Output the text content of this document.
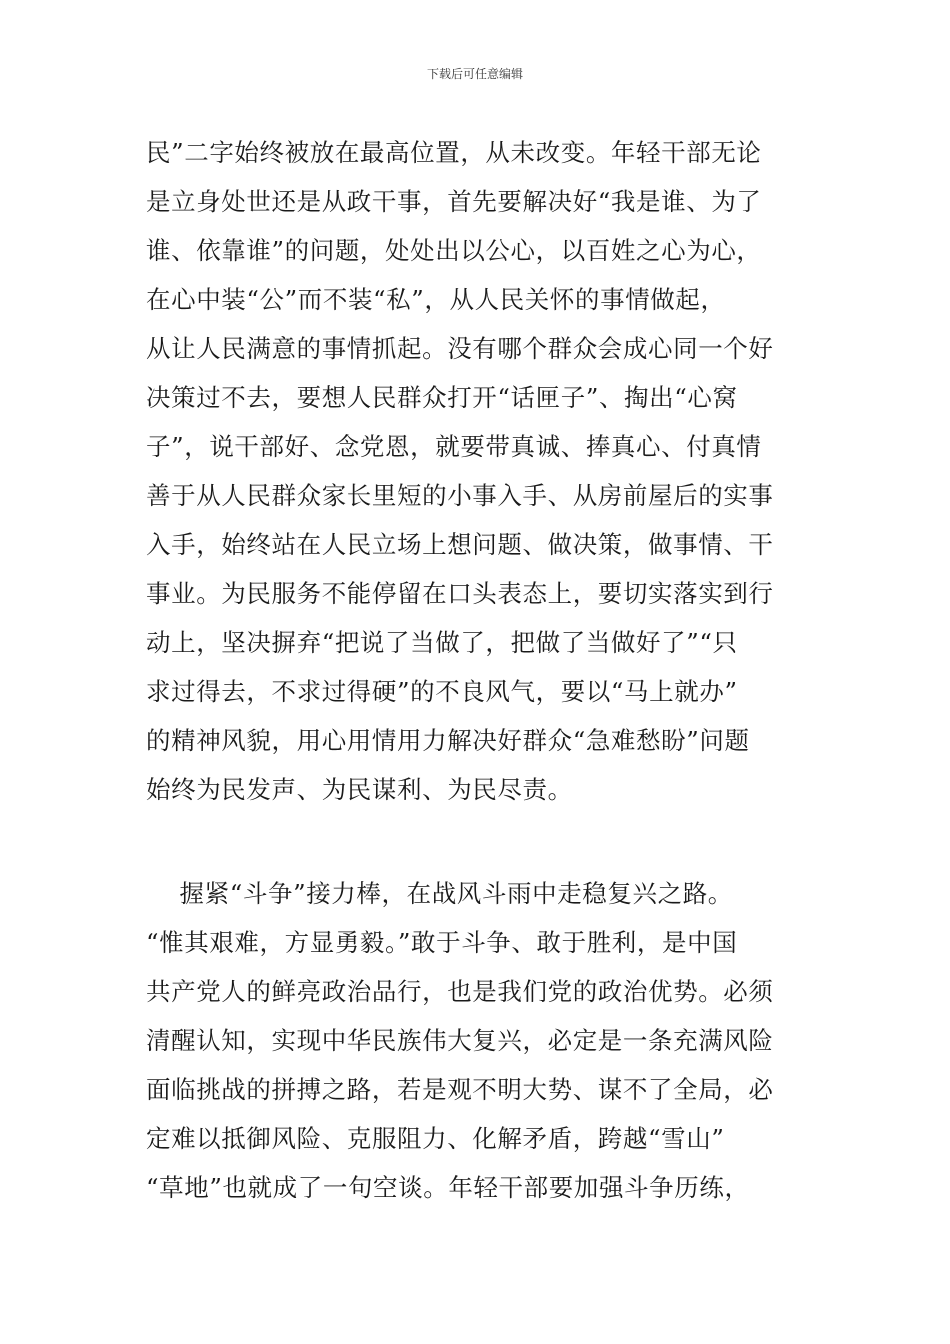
下载后可任意编辑
民”二字始终被放在最高位置，从未改变。年轻干部无论
是立身处世还是从政干事，首先要解决好“我是谁、为了
谁、依靠谁”的问题，处处出以公心，以百姓之心为心，
在心中装“公”而不装“私”，从人民关怀的事情做起，
从让人民满意的事情抓起。没有哪个群众会成心同一个好
决策过不去，要想人民群众打开“话匣子”、掏出“心窝
子”，说干部好、念党恩，就要带真诚、捧真心、付真情
善于从人民群众家长里短的小事入手、从房前屋后的实事
入手，始终站在人民立场上想问题、做决策，做事情、干
事业。为民服务不能停留在口头表态上，要切实落实到行
动上，坚决摒弃“把说了当做了，把做了当做好了”“只
求过得去，不求过得硬”的不良风气，要以“马上就办”
的精神风貌，用心用情用力解决好群众“急难愁盼”问题
始终为民发声、为民谋利、为民尽责。
握紧“斗争”接力棒，在战风斗雨中走稳复兴之路。
“惟其艰难，方显勇毅。”敢于斗争、敢于胜利，是中国
共产党人的鲜亮政治品行，也是我们党的政治优势。必须
清醒认知，实现中华民族伟大复兴，必定是一条充满风险
面临挑战的拼搏之路，若是观不明大势、谋不了全局，必
定难以抵御风险、克服阻力、化解矛盾，跨越“雪山”
“草地”也就成了一句空谈。年轻干部要加强斗争历练，
